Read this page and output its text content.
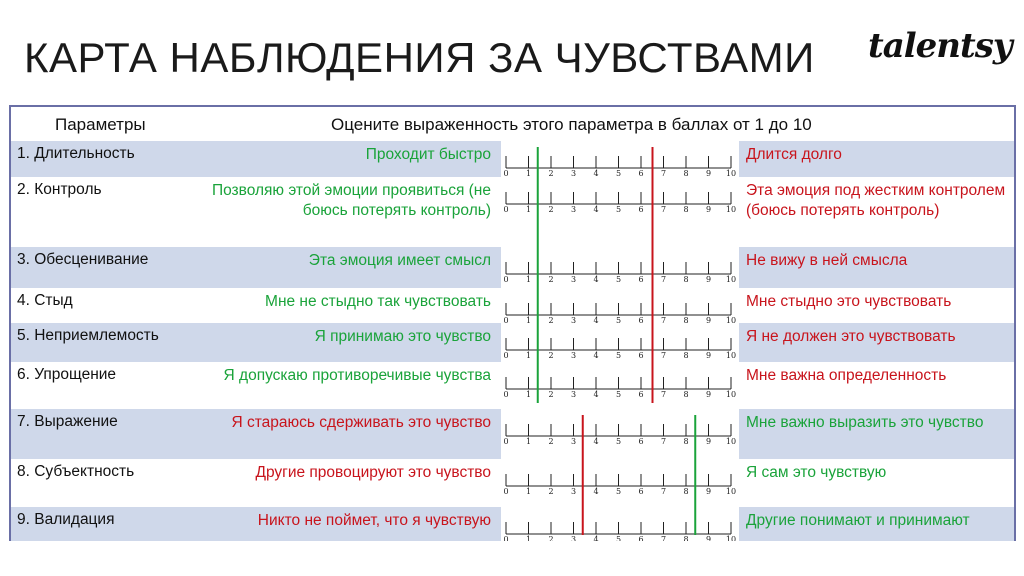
КАРТА НАБЛЮДЕНИЯ ЗА ЧУВСТВАМИ talentsy
Параметры	Оцените выраженность этого параметра в баллах от 1 до 10
1. Длительность	Проходит быстро	Длится долго
0 1 2 3 4 5 6 7 8 9 10
2. Контроль	Позволяю этой эмоции проявиться (не боюсь потерять контроль)
Эта эмоция под жестким контролем (боюсь потерять контроль)
0 1 2 3 4 5 6 7 8 9 10
3. Обесценивание	Эта эмоция имеет смысл	Не вижу в ней смысла
0 1 2 3 4 5 6 7 8 9 10
4. Стыд	Мне не стыдно так чувствовать	Мне стыдно это чувствовать
0 1 2 3 4 5 6 7 8 9 10
5. Неприемлемость	Я принимаю это чувство	Я не должен это чувствовать
0 1 2 3 4 5 6 7 8 9 10
6. Упрощение	Я допускаю противоречивые чувства	Мне важна определенность
0 1 2 3 4 5 6 7 8 9 10
7. Выражение	Я стараюсь сдерживать это чувство	Мне важно выразить это чувство
0 1 2 3 4 5 6 7 8 9 10
8. Субъектность	Другие провоцируют это чувство	Я сам это чувствую
0 1 2 3 4 5 6 7 8 9 10
9. Валидация	Никто не поймет, что я чувствую	Другие понимают и принимают
0 1 2 3 4 5 6 7 8 9 10
